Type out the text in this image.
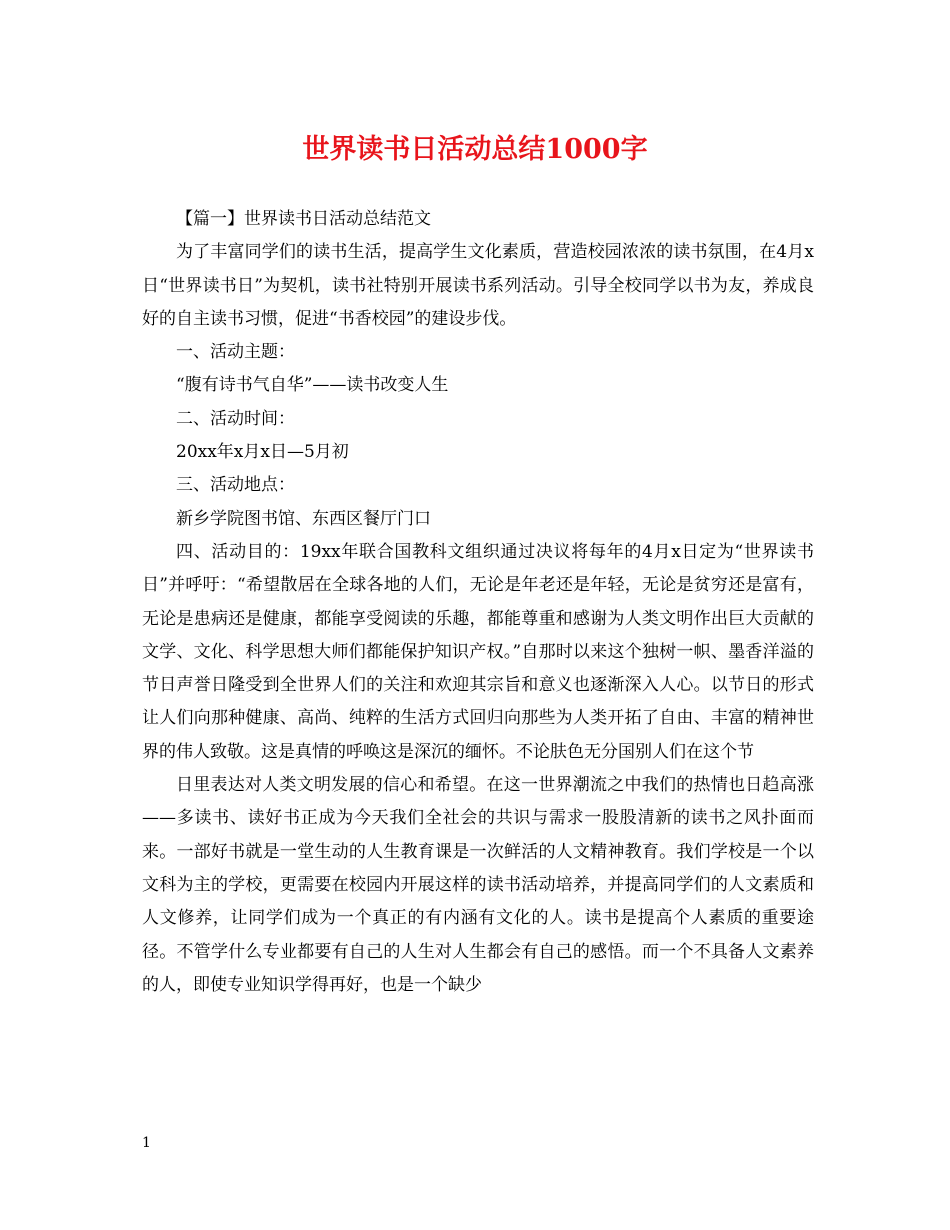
世界读书日活动总结1000字

【篇一】世界读书日活动总结范文

为了丰富同学们的读书生活，提高学生文化素质，营造校园浓浓的读书氛围，在4月x日“世界读书日”为契机，读书社特别开展读书系列活动。引导全校同学以书为友，养成良好的自主读书习惯，促进“书香校园”的建设步伐。

一、活动主题：

“腹有诗书气自华”——读书改变人生

二、活动时间：

20xx年x月x日—5月初

三、活动地点：

新乡学院图书馆、东西区餐厅门口

四、活动目的：19xx年联合国教科文组织通过决议将每年的4月x日定为“世界读书日”并呼吁：“希望散居在全球各地的人们，无论是年老还是年轻，无论是贫穷还是富有，无论是患病还是健康，都能享受阅读的乐趣，都能尊重和感谢为人类文明作出巨大贡献的文学、文化、科学思想大师们都能保护知识产权。”自那时以来这个独树一帜、墨香洋溢的节日声誉日隆受到全世界人们的关注和欢迎其宗旨和意义也逐渐深入人心。以节日的形式让人们向那种健康、高尚、纯粹的生活方式回归向那些为人类开拓了自由、丰富的精神世界的伟人致敬。这是真情的呼唤这是深沉的缅怀。不论肤色无分国别人们在这个节

日里表达对人类文明发展的信心和希望。在这一世界潮流之中我们的热情也日趋高涨——多读书、读好书正成为今天我们全社会的共识与需求一股股清新的读书之风扑面而来。一部好书就是一堂生动的人生教育课是一次鲜活的人文精神教育。我们学校是一个以文科为主的学校，更需要在校园内开展这样的读书活动培养，并提高同学们的人文素质和人文修养，让同学们成为一个真正的有内涵有文化的人。读书是提高个人素质的重要途径。不管学什么专业都要有自己的人生对人生都会有自己的感悟。而一个不具备人文素养的人，即使专业知识学得再好，也是一个缺少

1
